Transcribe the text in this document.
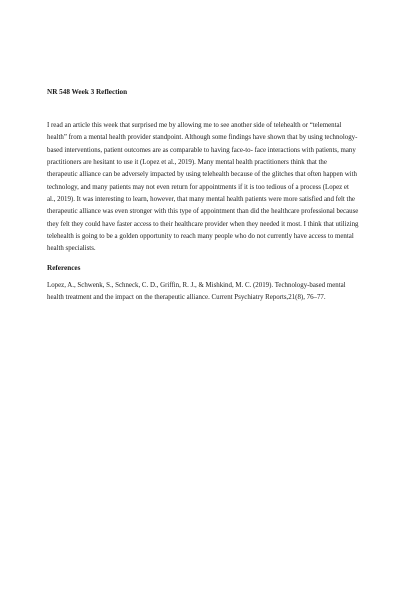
NR 548 Week 3 Reflection

I read an article this week that surprised me by allowing me to see another side of telehealth or “telemental health” from a mental health provider standpoint. Although some findings have shown that by using technology- based interventions, patient outcomes are as comparable to having face-to- face interactions with patients, many practitioners are hesitant to use it (Lopez et al., 2019). Many mental health practitioners think that the therapeutic alliance can be adversely impacted by using telehealth because of the glitches that often happen with technology, and many patients may not even return for appointments if it is too tedious of a process (Lopez et al., 2019). It was interesting to learn, however, that many mental health patients were more satisfied and felt the therapeutic alliance was even stronger with this type of appointment than did the healthcare professional because they felt they could have faster access to their healthcare provider when they needed it most. I think that utilizing telehealth is going to be a golden opportunity to reach many people who do not currently have access to mental health specialists.

References

Lopez, A., Schwenk, S., Schneck, C. D., Griffin, R. J., & Mishkind, M. C. (2019). Technology-based mental health treatment and the impact on the therapeutic alliance. Current Psychiatry Reports,21(8), 76–77.
